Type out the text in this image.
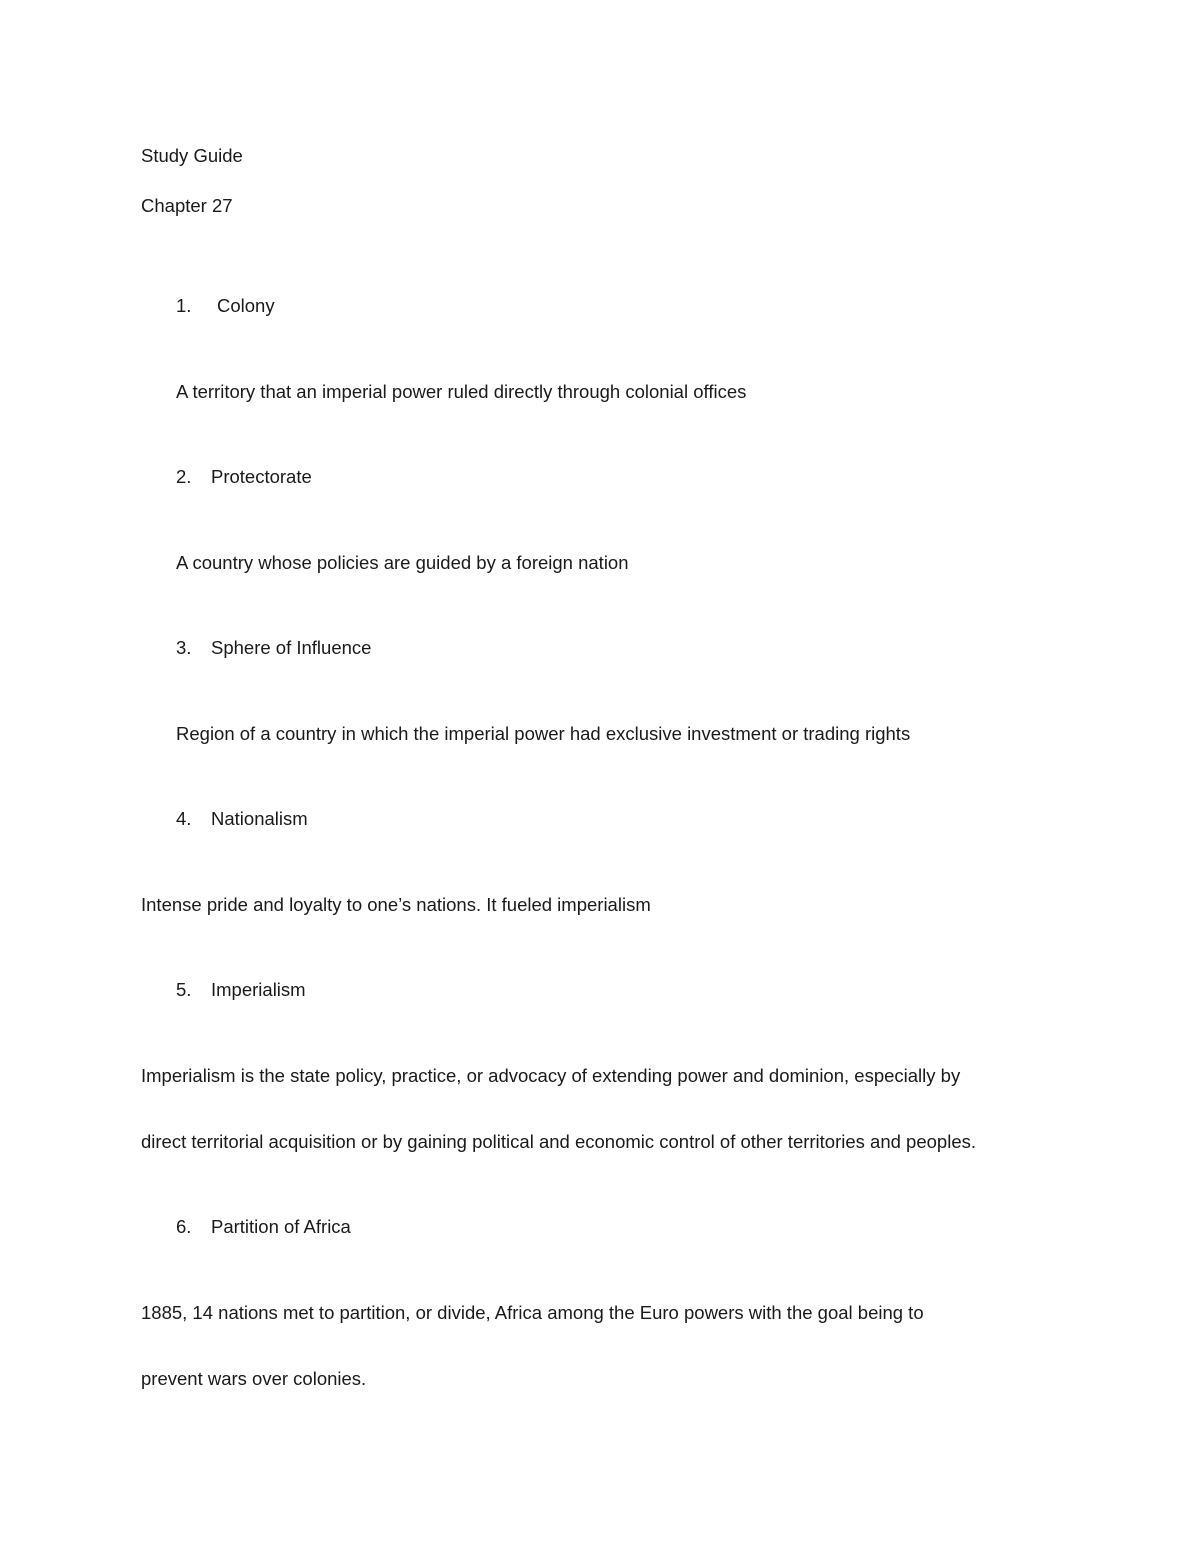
Study Guide

Chapter 27

1. Colony

A territory that an imperial power ruled directly through colonial offices

2. Protectorate

A country whose policies are guided by a foreign nation

3. Sphere of Influence

Region of a country in which the imperial power had exclusive investment or trading rights

4. Nationalism

Intense pride and loyalty to one’s nations. It fueled imperialism

5. Imperialism

Imperialism is the state policy, practice, or advocacy of extending power and dominion, especially by

direct territorial acquisition or by gaining political and economic control of other territories and peoples.

6. Partition of Africa

1885, 14 nations met to partition, or divide, Africa among the Euro powers with the goal being to

prevent wars over colonies.
